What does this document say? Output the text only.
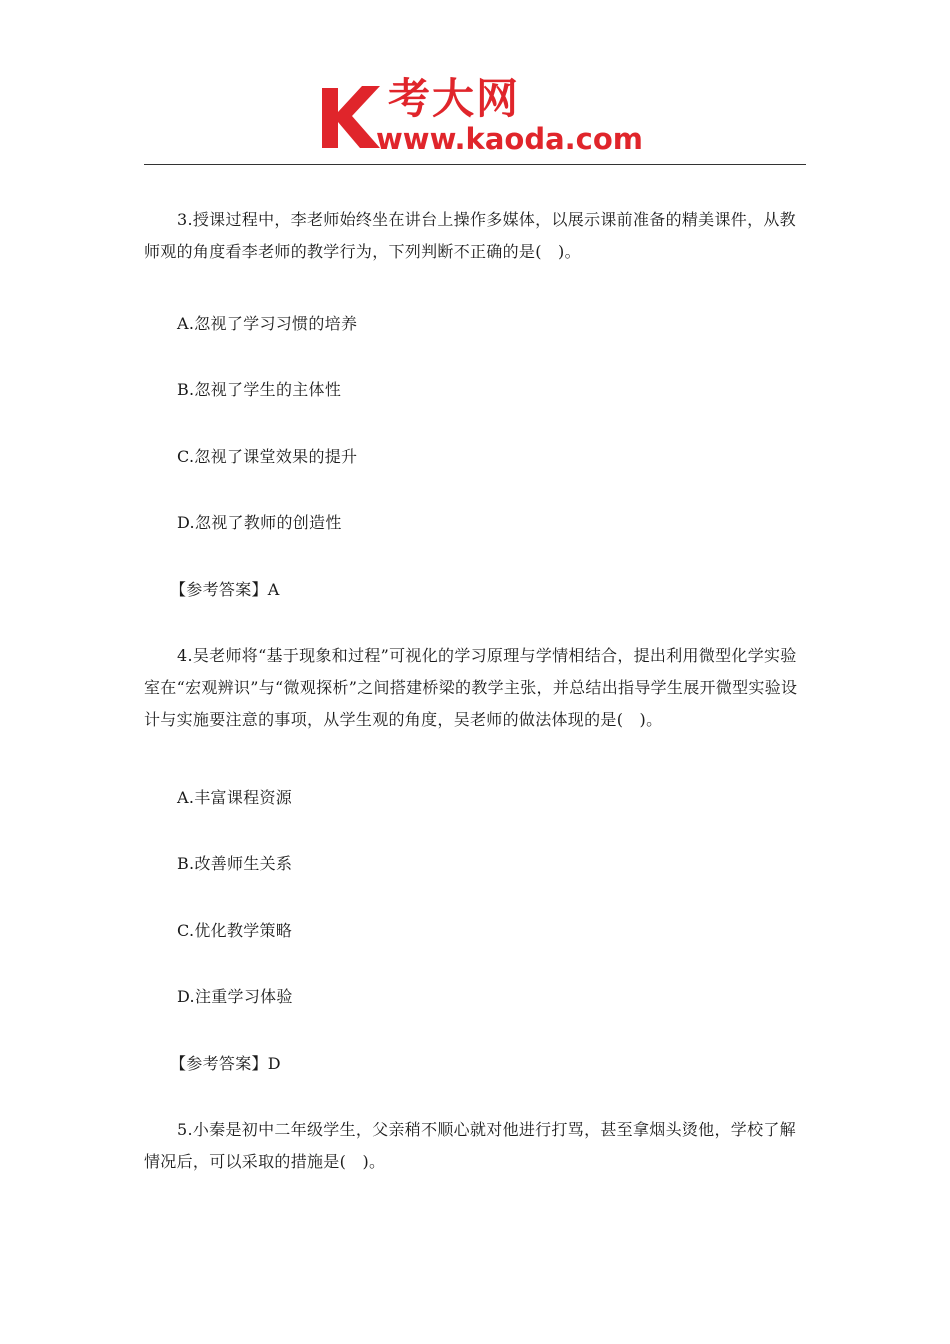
考大网
www.kaoda.com
3.授课过程中，李老师始终坐在讲台上操作多媒体，以展示课前准备的精美课件，从教师观的角度看李老师的教学行为，下列判断不正确的是(　)。
A.忽视了学习习惯的培养
B.忽视了学生的主体性
C.忽视了课堂效果的提升
D.忽视了教师的创造性
【参考答案】A
4.吴老师将“基于现象和过程”可视化的学习原理与学情相结合，提出利用微型化学实验室在“宏观辨识”与“微观探析”之间搭建桥梁的教学主张，并总结出指导学生展开微型实验设计与实施要注意的事项，从学生观的角度，吴老师的做法体现的是(　)。
A.丰富课程资源
B.改善师生关系
C.优化教学策略
D.注重学习体验
【参考答案】D
5.小秦是初中二年级学生，父亲稍不顺心就对他进行打骂，甚至拿烟头烫他，学校了解情况后，可以采取的措施是(　)。
